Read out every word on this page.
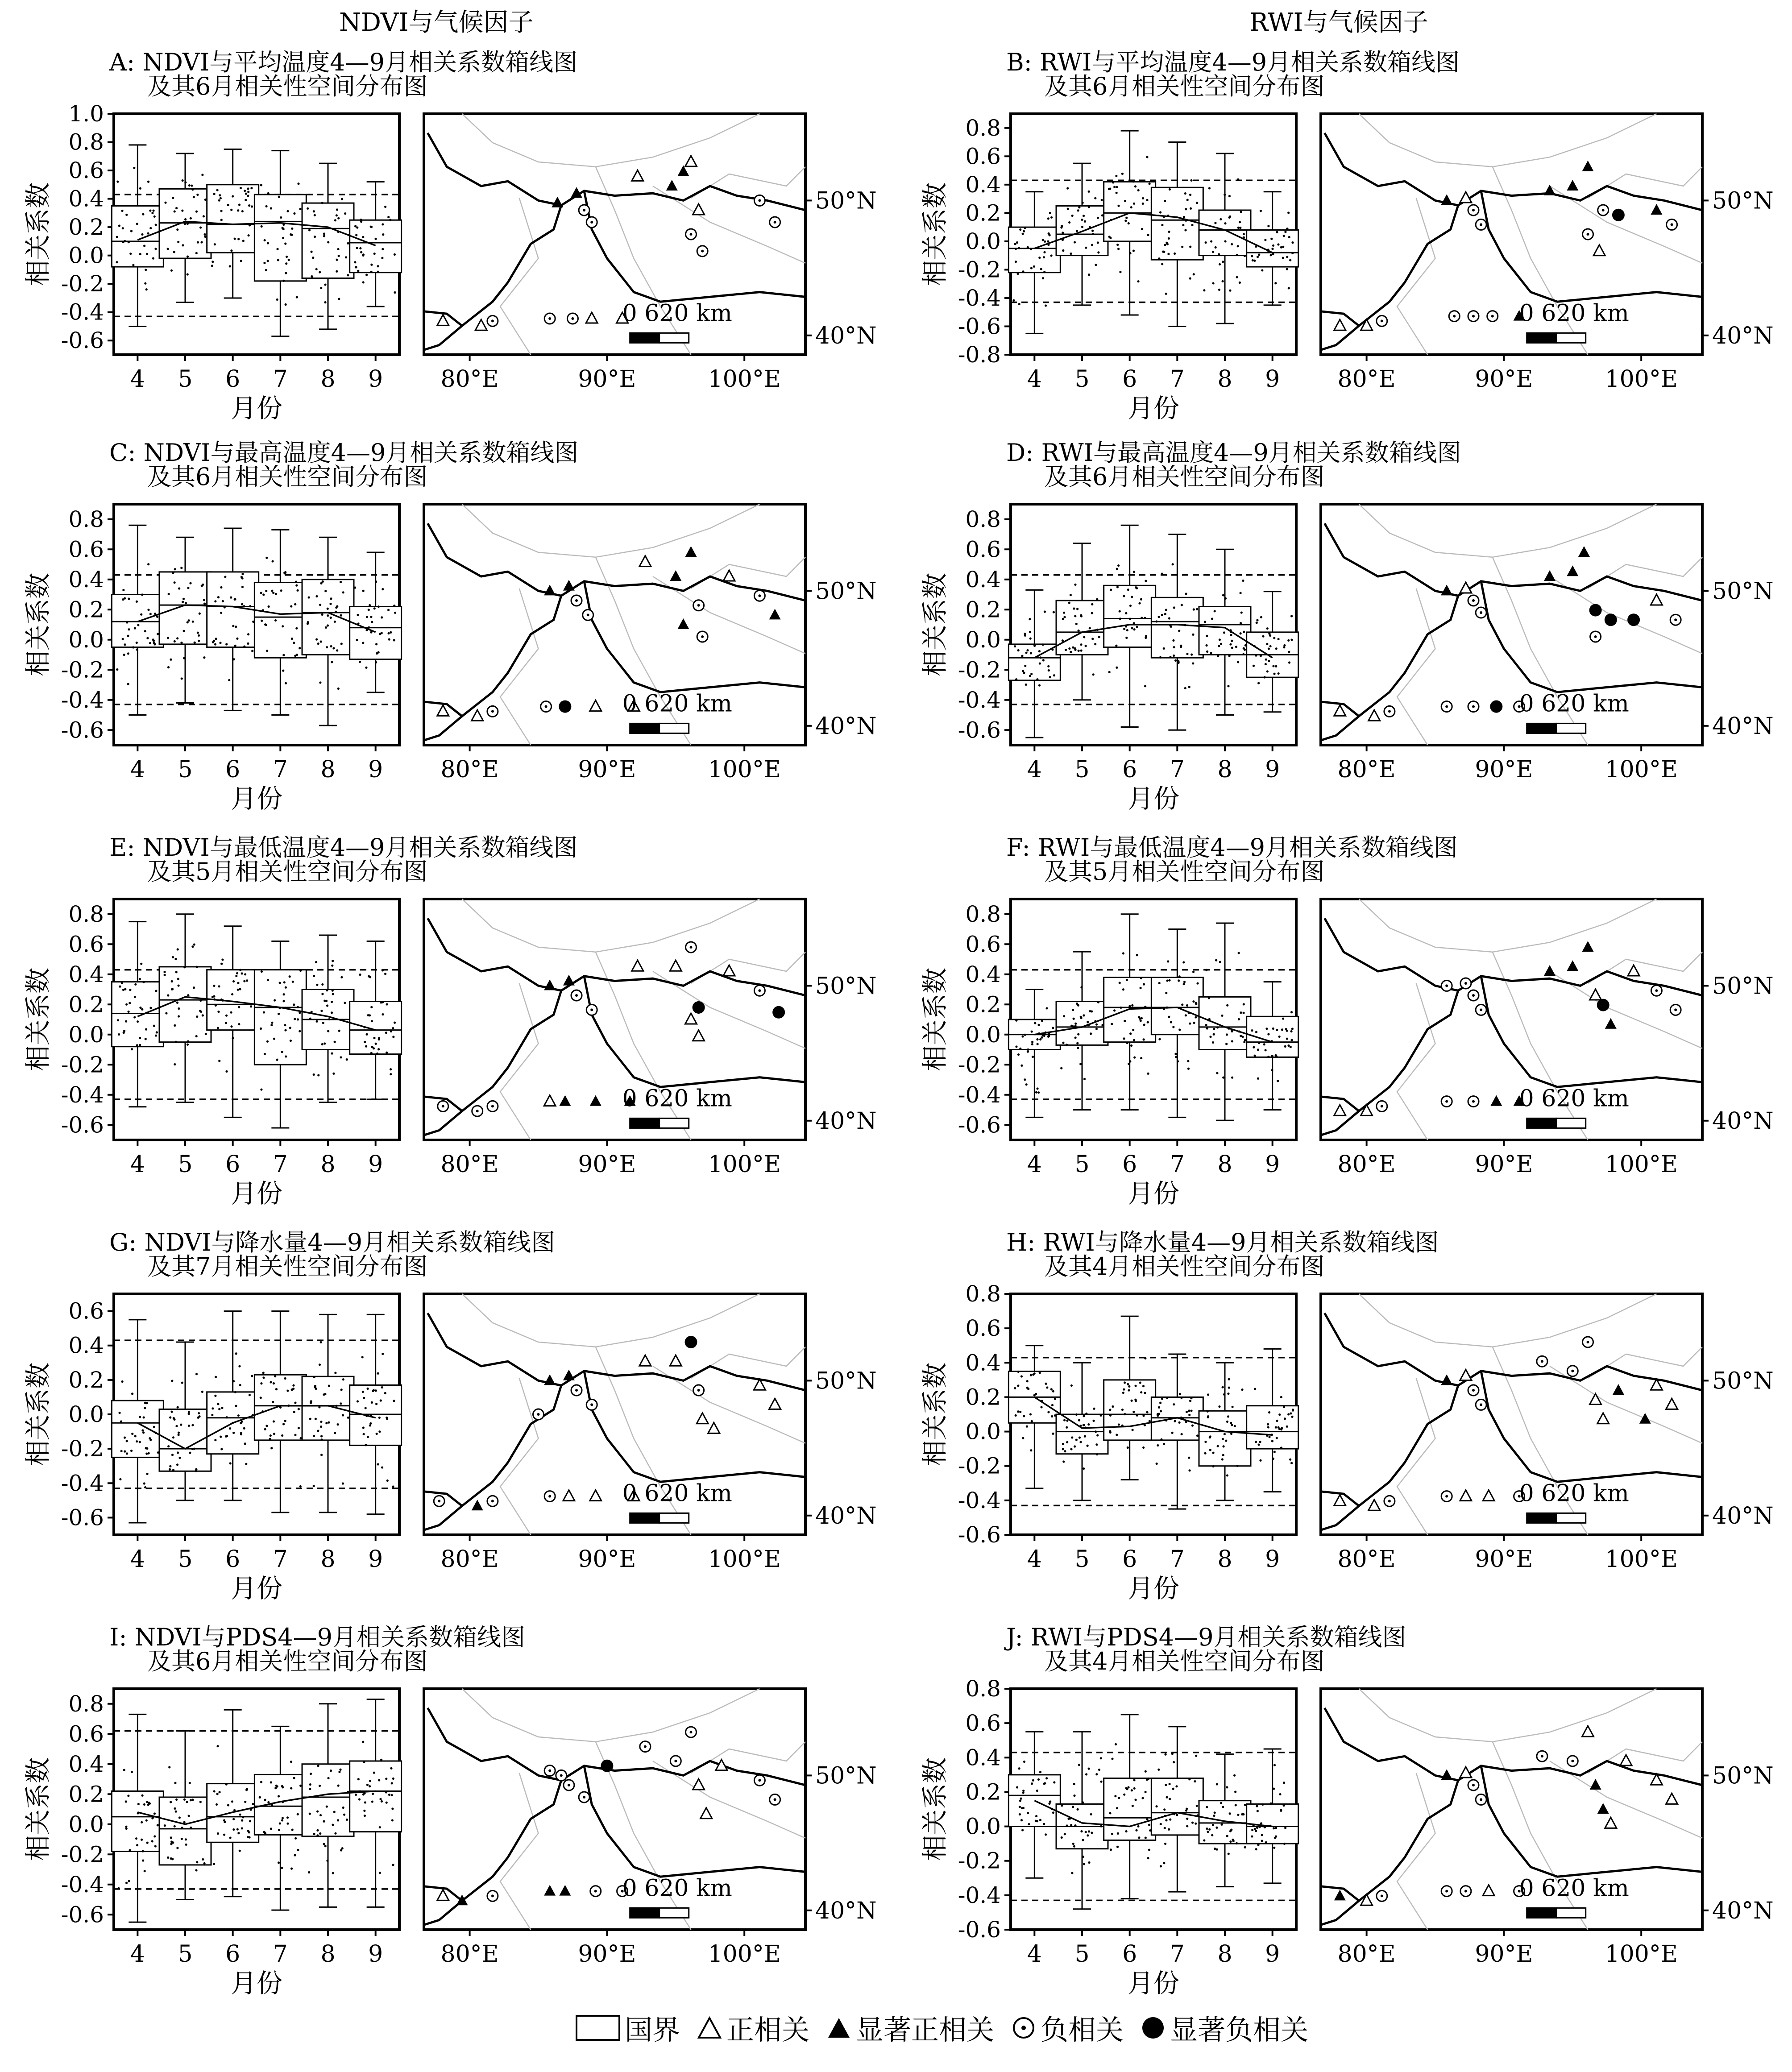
NDVI与气候因子	RWI与气候因子
A: NDVI与平均温度4—9月相关系数箱线图
及其6月相关性空间分布图
-0.6
-0.4
-0.2
0.0
0.2
0.4
0.6
0.8
1.0
相关系数
4 5 6 7 8 9
月份
0 620 km
80°E	90°E	100°E
50°N
40°N
B: RWI与平均温度4—9月相关系数箱线图
及其6月相关性空间分布图
-0.8
-0.6
-0.4
-0.2
0.0
0.2
0.4
0.6
0.8
相关系数
4 5 6 7 8 9
月份
0 620 km
80°E	90°E	100°E
50°N
40°N
C: NDVI与最高温度4—9月相关系数箱线图
及其6月相关性空间分布图
-0.6
-0.4
-0.2
0.0
0.2
0.4
0.6
0.8
相关系数
4 5 6 7 8 9
月份
0 620 km
80°E	90°E	100°E
50°N
40°N
D: RWI与最高温度4—9月相关系数箱线图
及其6月相关性空间分布图
-0.6
-0.4
-0.2
0.0
0.2
0.4
0.6
0.8
相关系数
4 5 6 7 8 9
月份
0 620 km
80°E	90°E	100°E
50°N
40°N
E: NDVI与最低温度4—9月相关系数箱线图
及其5月相关性空间分布图
-0.6
-0.4
-0.2
0.0
0.2
0.4
0.6
0.8
相关系数
4 5 6 7 8 9
月份
0 620 km
80°E	90°E	100°E
50°N
40°N
F: RWI与最低温度4—9月相关系数箱线图
及其5月相关性空间分布图
-0.6
-0.4
-0.2
0.0
0.2
0.4
0.6
0.8
相关系数
4 5 6 7 8 9
月份
0 620 km
80°E	90°E	100°E
50°N
40°N
G: NDVI与降水量4—9月相关系数箱线图
及其7月相关性空间分布图
-0.6
-0.4
-0.2
0.0
0.2
0.4
0.6
相关系数
4 5 6 7 8 9
月份
0 620 km
80°E	90°E	100°E
50°N
40°N
H: RWI与降水量4—9月相关系数箱线图
及其4月相关性空间分布图
-0.6
-0.4
-0.2
0.0
0.2
0.4
0.6
0.8
相关系数
4 5 6 7 8 9
月份
0 620 km
80°E	90°E	100°E
50°N
40°N
I: NDVI与PDS4—9月相关系数箱线图
及其6月相关性空间分布图
-0.6
-0.4
-0.2
0.0
0.2
0.4
0.6
0.8
相关系数
4 5 6 7 8 9
月份
0 620 km
80°E	90°E	100°E
50°N
40°N
J: RWI与PDS4—9月相关系数箱线图
及其4月相关性空间分布图
-0.6
-0.4
-0.2
0.0
0.2
0.4
0.6
0.8
相关系数
4 5 6 7 8 9
月份
0 620 km
80°E	90°E	100°E
50°N
40°N
国界 正相关 显著正相关 负相关 显著负相关
